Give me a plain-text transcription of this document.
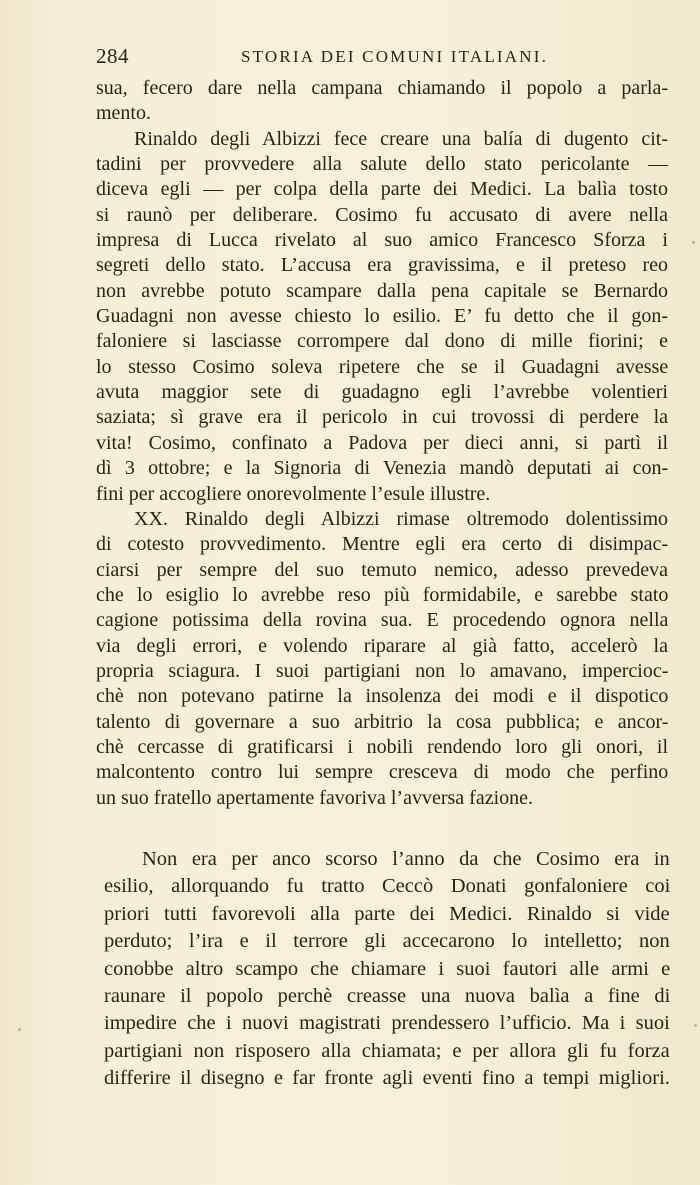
284	STORIA DEI COMUNI ITALIANI.
sua, fecero dare nella campana chiamando il popolo a parla-
mento.
Rinaldo degli Albizzi fece creare una balía di dugento cit-
tadini per provvedere alla salute dello stato pericolante —
diceva egli — per colpa della parte dei Medici. La balìa tosto
si raunò per deliberare. Cosimo fu accusato di avere nella
impresa di Lucca rivelato al suo amico Francesco Sforza i
segreti dello stato. L’accusa era gravissima, e il preteso reo
non avrebbe potuto scampare dalla pena capitale se Bernardo
Guadagni non avesse chiesto lo esilio. E’ fu detto che il gon-
faloniere si lasciasse corrompere dal dono di mille fiorini; e
lo stesso Cosimo soleva ripetere che se il Guadagni avesse
avuta maggior sete di guadagno egli l’avrebbe volentieri
saziata; sì grave era il pericolo in cui trovossi di perdere la
vita! Cosimo, confinato a Padova per dieci anni, si partì il
dì 3 ottobre; e la Signoria di Venezia mandò deputati ai con-
fini per accogliere onorevolmente l’esule illustre.
XX. Rinaldo degli Albizzi rimase oltremodo dolentissimo
di cotesto provvedimento. Mentre egli era certo di disimpac-
ciarsi per sempre del suo temuto nemico, adesso prevedeva
che lo esiglio lo avrebbe reso più formidabile, e sarebbe stato
cagione potissima della rovina sua. E procedendo ognora nella
via degli errori, e volendo riparare al già fatto, accelerò la
propria sciagura. I suoi partigiani non lo amavano, impercioc-
chè non potevano patirne la insolenza dei modi e il dispotico
talento di governare a suo arbitrio la cosa pubblica; e ancor-
chè cercasse di gratificarsi i nobili rendendo loro gli onori, il
malcontento contro lui sempre cresceva di modo che perfino
un suo fratello apertamente favoriva l’avversa fazione.
Non era per anco scorso l’anno da che Cosimo era in
esilio, allorquando fu tratto Ceccò Donati gonfaloniere coi
priori tutti favorevoli alla parte dei Medici. Rinaldo si vide
perduto; l’ira e il terrore gli accecarono lo intelletto; non
conobbe altro scampo che chiamare i suoi fautori alle armi e
raunare il popolo perchè creasse una nuova balìa a fine di
impedire che i nuovi magistrati prendessero l’ufficio. Ma i suoi
partigiani non risposero alla chiamata; e per allora gli fu forza
differire il disegno e far fronte agli eventi fino a tempi migliori.
